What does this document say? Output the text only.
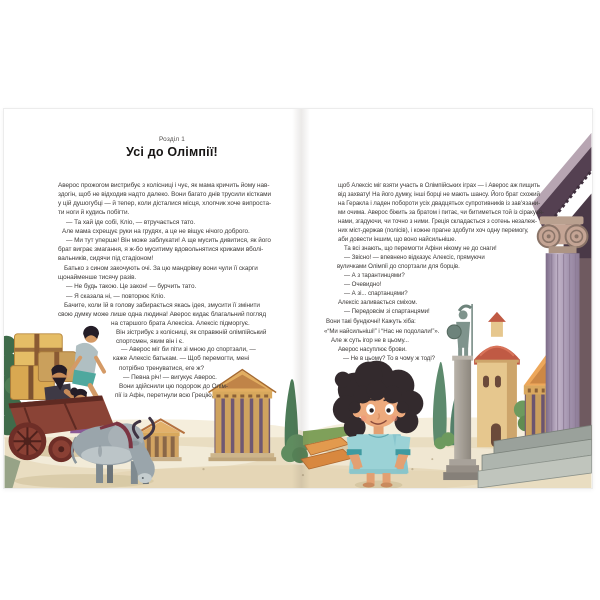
Розділ 1
Усі до Олімпії!
Аверос прожогом вистрибує з колісниці і чує, як мама кричить йому нав-
здогін, щоб не відходив надто далеко. Вони багато днів трусили кістками
у цій душогубці — й тепер, коли дісталися місця, хлопчик хоче випроста-
ти ноги й кудись побігти.
— Та хай іде собі, Кліо, — втручається тато.
Але мама схрещує руки на грудях, а це не віщує нічого доброго.
— Ми тут уперше! Він може заблукати! А ще мусить дивитися, як його
брат виграє змагання, я ж-бо муситиму вдовольнятися криками вболі-
вальників, сидячи під стадіоном!
Батько з сином закочують очі. За цю мандрівку вони чули її скарги
щонайменше тисячу разів.
— Не будь такою. Це закон! — бурчить тато.
— Я сказала ні, — повторює Кліо.
Бачите, коли їй в голову забирається якась ідея, змусити її змінити
свою думку може лише одна людина! Аверос кидає благальний погляд
на старшого брата Алексіса. Алексіс підморгує.
Він зістрибує з колісниці, як справжній олімпійський
спортсмен, яким він і є.
— Аверос міг би піти зі мною до спортзали, —
каже Алексіс батькам. — Щоб перемогти, мені
потрібно тренуватися, еге ж?
— Певна річ! — вигукує Аверос.
Вони здійснили цю подорож до Олім-
пії із Афін, перетнули всю Грецію,
щоб Алексіс міг взяти участь в Олімпійських іграх — і Аверос аж пищить
від захвату! На його думку, інші борці не мають шансу. Його брат схожий
на Геракла і ладен побороти усіх двадцятьох супротивників із зав’язани-
ми очима. Аверос біжить за братом і питає, чи битиметься той із сіракузя-
нами, згадуючи, чи точно з ними. Греція складається з сотень незалеж-
них міст-держав (полісів), і кожне прагне здобути хоч одну перемогу,
аби довести іншим, що воно найсильніше.
Та всі знають, що перемогти Афіни нікому не до снаги!
— Звісно! — впевнено відказує Алексіс, прямуючи
вуличками Олімпії до спортзали для борців.
— А з тарантинцями?
— Очевидно!
— А зі... спартанцями?
Алексіс заливається сміхом.
— Передовсім зі спартанцями!
Вони такі бундючні! Кажуть хіба:
«“Ми найсильніші!” і “Нас не подолали!”».
Але ж суть ігор не в цьому...
Аверос насуплює брови.
— Не в цьому? То в чому ж тоді?
